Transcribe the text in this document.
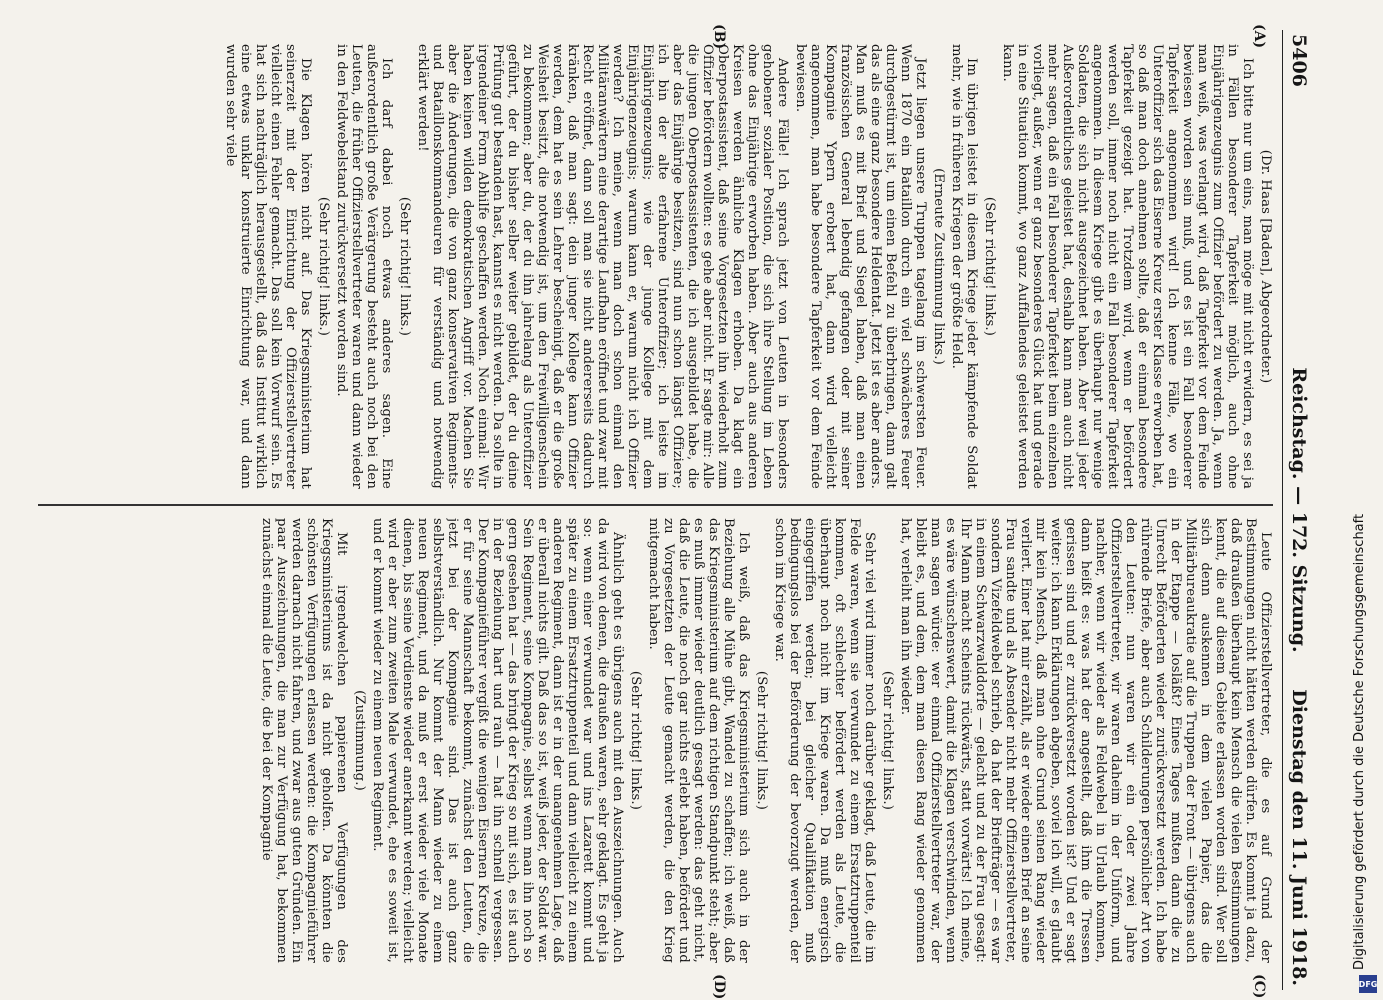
5406
Reichstag. — 172. Sitzung.
Dienstag den 11. Juni 1918.
(A)
(B)
(C)
(D)

(Dr. Haas [Baden], Abgeordneter.)

Ich bitte nur um eins, man möge mit nicht erwidern, es sei ja in Fällen besonderer Tapferkeit möglich, auch ohne Einjährigenzeugnis zum Offizier befördert zu werden. Ja, wenn man weiß, was verlangt wird, daß Tapferkeit vor dem Feinde bewiesen worden sein muß, und es ist ein Fall besonderer Tapferkeit angenommen wird! Ich kenne Fälle, wo ein Unteroffizier sich das Eiserne Kreuz erster Klasse erworben hat, so daß man doch annehmen sollte, daß er einmal besondere Tapferkeit gezeigt hat. Trotzdem wird, wenn er befördert werden soll, immer noch nicht ein Fall besonderer Tapferkeit angenommen. In diesem Kriege gibt es überhaupt nur wenige Soldaten, die sich nicht ausgezeichnet haben. Aber weil jeder Außerordentliches geleistet hat, deshalb kann man auch nicht mehr sagen, daß ein Fall besonderer Tapferkeit beim einzelnen vorliegt, außer, wenn er ganz besonderes Glück hat und gerade in eine Situation kommt, wo ganz Auffallendes geleistet werden kann.

(Sehr richtig! links.)

Im übrigen leistet in diesem Kriege jeder kämpfende Soldat mehr, wie in früheren Kriegen der größte Held.

(Erneute Zustimmung links.)

Jetzt liegen unsere Truppen tagelang im schwersten Feuer. Wenn 1870 ein Bataillon durch ein viel schwächeres Feuer durchgestürmt ist, um einen Befehl zu überbringen, dann galt das als eine ganz besondere Heldentat. Jetzt ist es aber anders. Man muß es mit Brief und Siegel haben, daß man einen französischen General lebendig gefangen oder mit seiner Kompagnie Ypern erobert hat, dann wird vielleicht angenommen, man habe besondere Tapferkeit vor dem Feinde bewiesen.

Andere Fälle! Ich sprach jetzt von Leuten in besonders gehobener sozialer Position, die sich ihre Stellung im Leben ohne das Einjährige erworben haben. Aber auch aus anderen Kreisen werden ähnliche Klagen erhoben. Da klagt ein Oberpostassistent, daß seine Vorgesetzten ihn wiederholt zum Offizier befördern wollten: es gehe aber nicht. Er sagte mir: Alle die jungen Oberpostassistenten, die ich ausgebildet habe, die aber das Einjährige besitzen, sind nun schon längst Offiziere; ich bin der alte erfahrene Unteroffizier; ich leiste im Einjährigenzeugnis; wie der junge Kollege mit dem Einjährigenzeugnis; warum kann er, warum nicht ich Offizier werden? Ich meine, wenn man doch schon einmal den Militäranwärtern eine derartige Laufbahn eröffnet und zwar mit Recht eröffnet, dann soll man sie nicht andererseits dadurch kränken, daß man sagt: dein junger Kollege kann Offizier werden, dem hat es sein Lehrer bescheinigt, daß er die große Weisheit besitzt, die notwendig ist, um den Freiwilligenschein zu bekommen; aber du, der du ihn jahrelang als Unteroffizier geführt, der du bisher selber weiter gebildet, der du deine Prüfung gut bestanden hast, kannst es nicht werden. Da sollte in irgendeiner Form Abhilfe geschaffen werden. Noch einmal: Wir haben keinen wilden demokratischen Angriff vor. Machen Sie aber die Änderungen, die von ganz konservativen Regiments- und Bataillonskommandeuren für verständig und notwendig erklärt werden!

(Sehr richtig! links.)

Ich darf dabei noch etwas anderes sagen. Eine außerordentlich große Verärgerung besteht auch noch bei den Leuten, die früher Offizierstellvertreter waren und dann wieder in den Feldwebelstand zurückversetzt worden sind.

(Sehr richtig! links.)

Die Klagen hören nicht auf. Das Kriegsministerium hat seinerzeit mit der Einrichtung der Offizierstellvertreter vielleicht einen Fehler gemacht. Das soll kein Vorwurf sein. Es hat sich nachträglich herausgestellt, daß das Institut wirklich eine etwas unklar konstruierte Einrichtung war, und dann wurden sehr viele

Leute Offizierstellvertreter, die es auf Grund der Bestimmungen nicht hätten werden dürfen. Es kommt ja dazu, daß draußen überhaupt kein Mensch die vielen Bestimmungen kennt, die auf diesem Gebiete erlassen worden sind. Wer soll sich denn auskennen in dem vielen Papier, das die Militärbureaukratie auf die Truppen der Front — übrigens auch in der Etappe — losläßt? Eines Tages mußten dann die zu Unrecht Beförderten wieder zurückversetzt werden. Ich habe rührende Briefe, aber auch Schilderungen persönlicher Art von den Leuten: nun waren wir ein oder zwei Jahre Offizierstellvertreter, wir waren daheim in der Uniform, und nachher, wenn wir wieder als Feldwebel in Urlaub kommen, dann heißt es: was hat der angestellt, daß ihm die Tressen gerissen sind und er zurückversetzt worden ist? Und er sagt weiter: ich kann Erklärungen abgeben, soviel ich will, es glaubt mir kein Mensch, daß man ohne Grund seinen Rang wieder verliert. Einer hat mir erzählt, als er wieder einen Brief an seine Frau sandte und als Absender nicht mehr Offizierstellvertreter, sondern Vizefeldwebel schrieb, da hat der Briefträger — es war in einem Schwarzwalddorfe — gelacht und zu der Frau gesagt: Ihr Mann macht scheints rückwärts, statt vorwärts! Ich meine, es wäre wünschenswert, damit die Klagen verschwinden, wenn man sagen würde: wer einmal Offizierstellvertreter war, der bleibt es, und dem, dem man diesen Rang wieder genommen hat, verleiht man ihn wieder.

(Sehr richtig! links.)

Sehr viel wird immer noch darüber geklagt, daß Leute, die im Felde waren, wenn sie verwundet zu einem Ersatztruppenteil kommen, oft schlechter befördert werden als Leute, die überhaupt noch nicht im Kriege waren. Da muß energisch eingegriffen werden; bei gleicher Qualifikation muß bedingungslos bei der Beförderung der bevorzugt werden, der schon im Kriege war.

(Sehr richtig! links.)

Ich weiß, daß das Kriegsministerium sich auch in der Beziehung alle Mühe gibt, Wandel zu schaffen; ich weiß, daß das Kriegsministerium auf dem richtigen Standpunkt steht; aber es muß immer wieder deutlich gesagt werden: das geht nicht, daß die Leute, die noch gar nichts erlebt haben, befördert und zu Vorgesetzten der Leute gemacht werden, die den Krieg mitgemacht haben.

(Sehr richtig! links.)

Ähnlich geht es übrigens auch mit den Auszeichnungen. Auch da wird von denen, die draußen waren, sehr geklagt. Es geht ja so: wenn einer verwundet war und ins Lazarett kommt und später zu einem Ersatztruppenteil und dann vielleicht zu einem anderen Regiment, dann ist er in der unangenehmen Lage, daß er überall nichts gilt. Daß das so ist, weiß jeder, der Soldat war. Sein Regiment, seine Kompagnie, selbst wenn man ihn noch so gern gesehen hat — das bringt der Krieg so mit sich, es ist auch in der Beziehung hart und rauh — hat ihn schnell vergessen. Der Kompagnieführer vergißt die wenigen Eisernen Kreuze, die er für seine Mannschaft bekommt, zunächst den Leuten, die jetzt bei der Kompagnie sind. Das ist auch ganz selbstverständlich. Nur kommt der Mann wieder zu einem neuen Regiment, und da muß er erst wieder viele Monate dienen, bis seine Verdienste wieder anerkannt werden; vielleicht wird er aber zum zweiten Male verwundet, ehe es soweit ist, und er kommt wieder zu einem neuen Regiment.

(Zustimmung.)

Mit irgendwelchen papierenen Verfügungen des Kriegsministeriums ist da nicht geholfen. Da könnten die schönsten Verfügungen erlassen werden: die Kompagnieführer werden darnach nicht fahren, und zwar aus guten Gründen. Ein paar Auszeichnungen, die man zur Verfügung hat, bekommen zunächst einmal die Leute, die bei der Kompagnie	Digitalisierung gefördert durch die Deutsche Forschungsgemeinschaft
DFG
